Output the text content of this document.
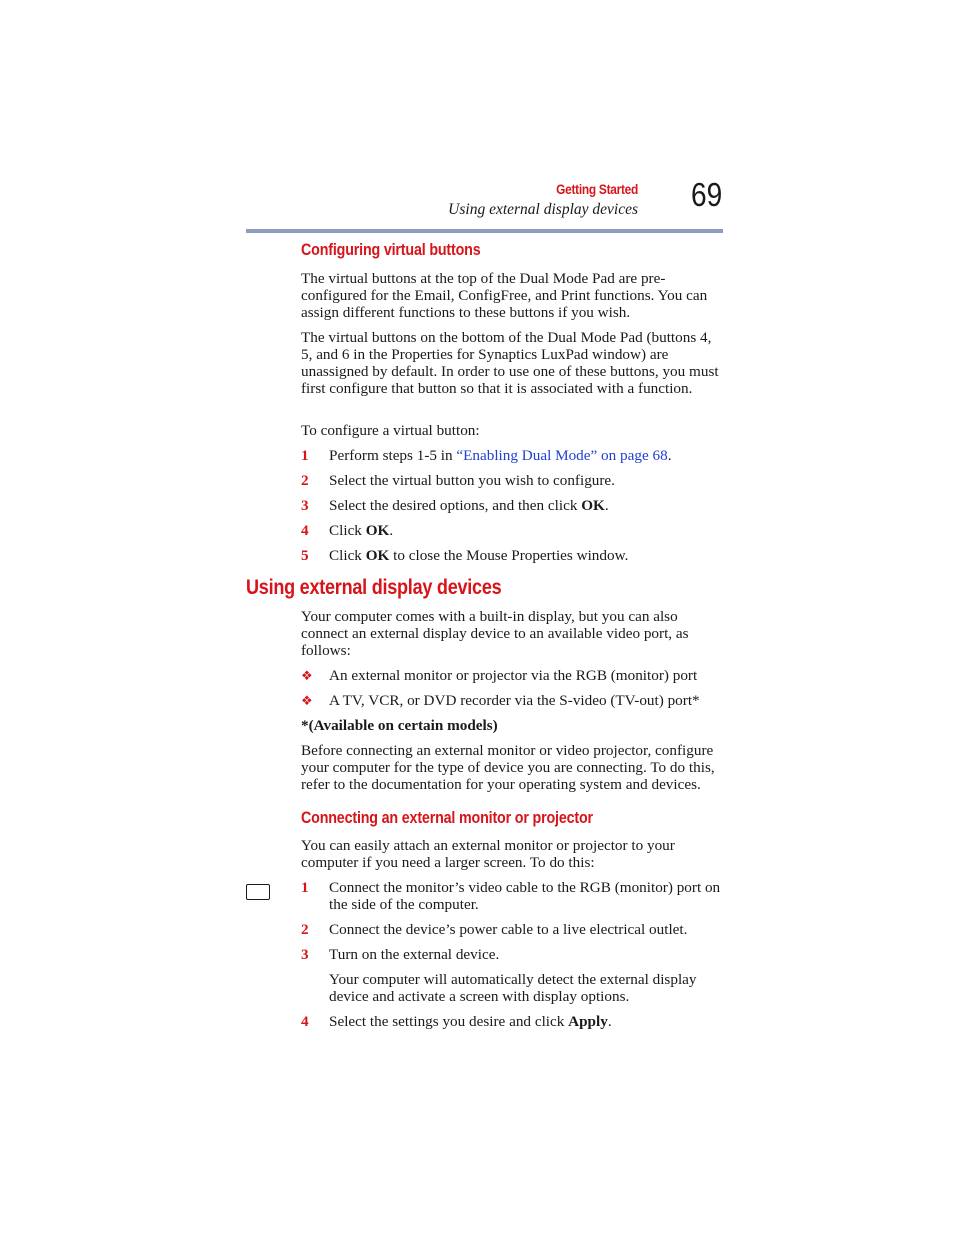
Getting Started
Using external display devices 69
Configuring virtual buttons
The virtual buttons at the top of the Dual Mode Pad are pre-configured for the Email, ConfigFree, and Print functions. You can assign different functions to these buttons if you wish.
The virtual buttons on the bottom of the Dual Mode Pad (buttons 4, 5, and 6 in the Properties for Synaptics LuxPad window) are unassigned by default. In order to use one of these buttons, you must first configure that button so that it is associated with a function.
To configure a virtual button:
1 Perform steps 1-5 in “Enabling Dual Mode” on page 68.
2 Select the virtual button you wish to configure.
3 Select the desired options, and then click OK.
4 Click OK.
5 Click OK to close the Mouse Properties window.
Using external display devices
Your computer comes with a built-in display, but you can also connect an external display device to an available video port, as follows:
❖ An external monitor or projector via the RGB (monitor) port
❖ A TV, VCR, or DVD recorder via the S-video (TV-out) port*
*(Available on certain models)
Before connecting an external monitor or video projector, configure your computer for the type of device you are connecting. To do this, refer to the documentation for your operating system and devices.
Connecting an external monitor or projector
You can easily attach an external monitor or projector to your computer if you need a larger screen. To do this:
1 Connect the monitor’s video cable to the RGB (monitor) port on the side of the computer.
2 Connect the device’s power cable to a live electrical outlet.
3 Turn on the external device.
Your computer will automatically detect the external display device and activate a screen with display options.
4 Select the settings you desire and click Apply.
